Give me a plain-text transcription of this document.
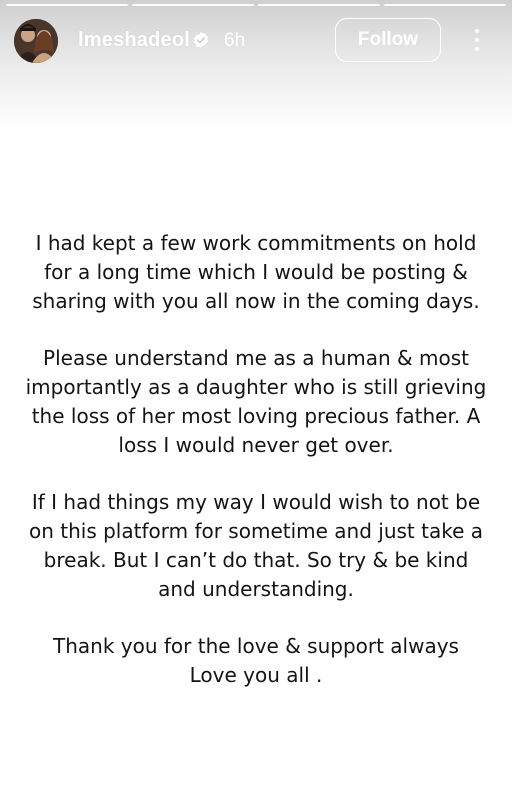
lmeshadeol 6h	Follow

I had kept a few work commitments on hold
for a long time which I would be posting &
sharing with you all now in the coming days.

Please understand me as a human & most
importantly as a daughter who is still grieving
the loss of her most loving precious father. A
loss I would never get over.

If I had things my way I would wish to not be
on this platform for sometime and just take a
break. But I can’t do that. So try & be kind
and understanding.

Thank you for the love & support always
Love you all .
